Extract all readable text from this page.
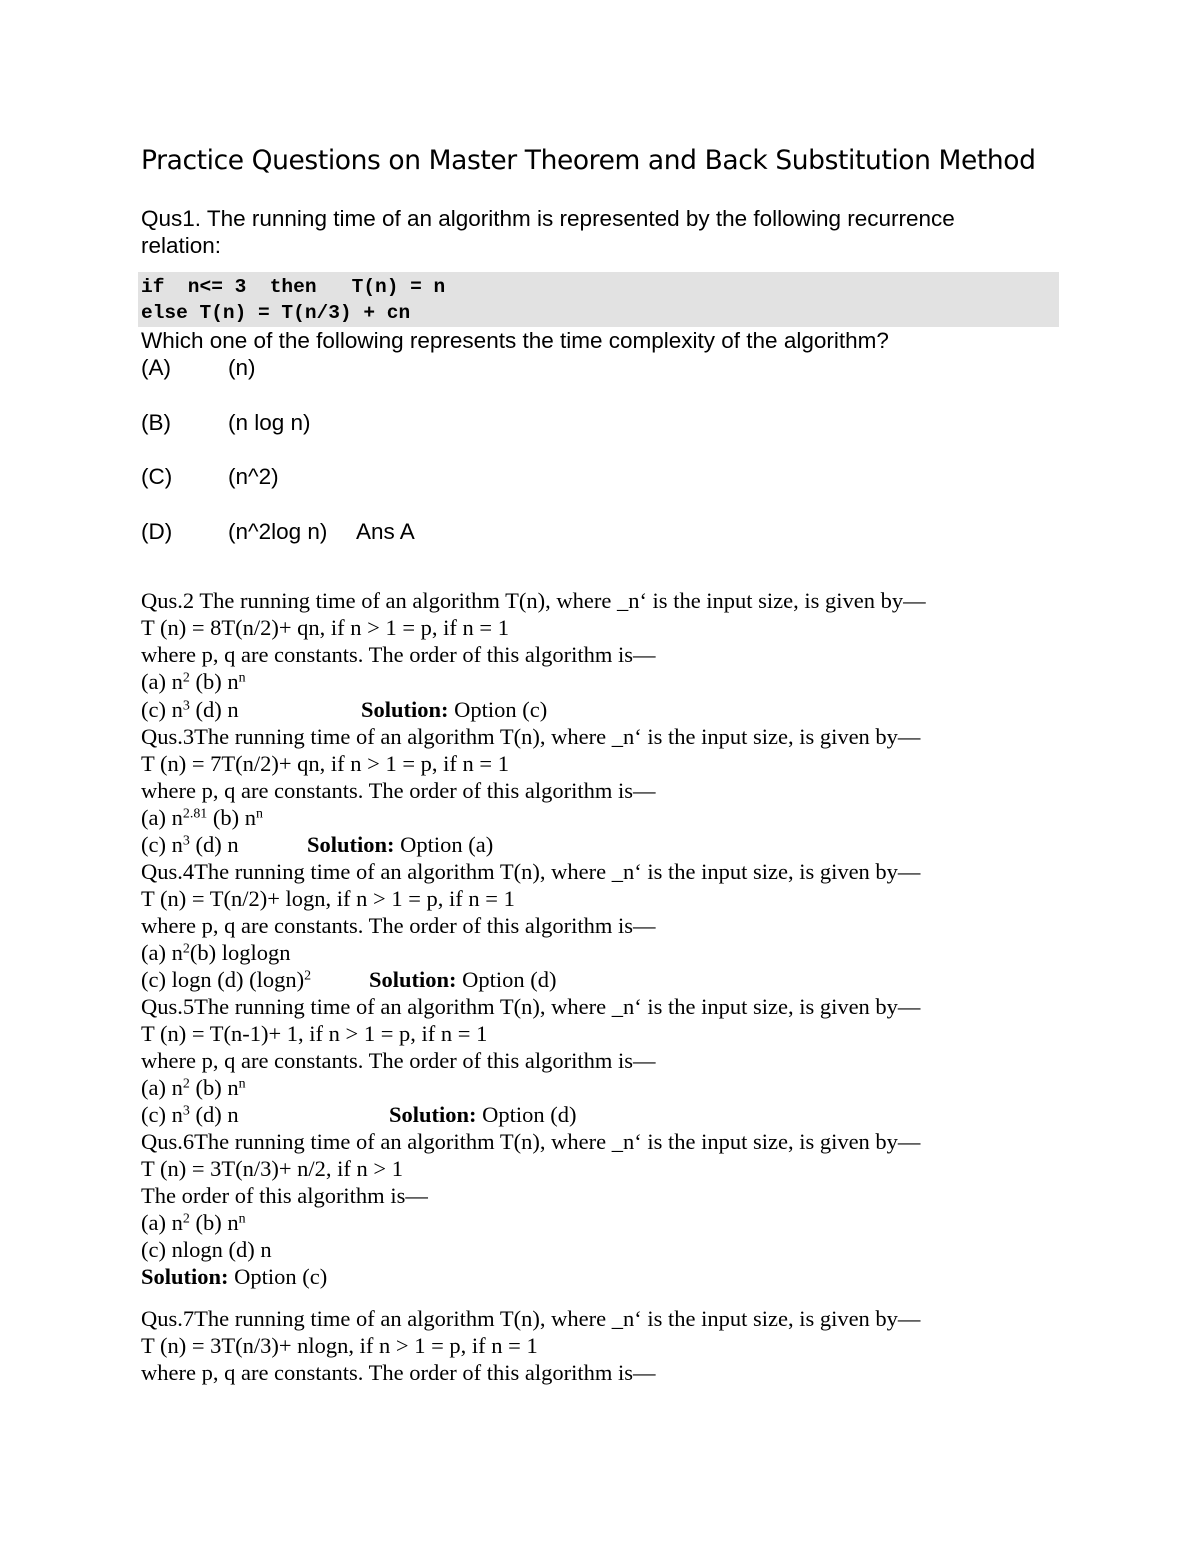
Practice Questions on Master Theorem and Back Substitution Method
Qus1. The running time of an algorithm is represented by the following recurrence
relation:
if  n<= 3  then   T(n) = n
else T(n) = T(n/3) + cn
Which one of the following represents the time complexity of the algorithm?
(A)	(n)
(B)	(n log n)
(C) (n^2)
(D) (n^2log n) Ans A
Qus.2 The running time of an algorithm T(n), where _n‘ is the input size, is given by—
T (n) = 8T(n/2)+ qn, if n > 1 = p, if n = 1
where p, q are constants. The order of this algorithm is—
(a) $n^2$ (b) $n^n$
(c) $n^3$ (d) n	Solution: Option (c)
Qus.3The running time of an algorithm T(n), where _n‘ is the input size, is given by—
T (n) = 7T(n/2)+ qn, if n > 1 = p, if n = 1
where p, q are constants. The order of this algorithm is—
(a) $n^{2.81}$ (b) $n^n$
(c) $n^3$ (d) n	Solution: Option (a)
Qus.4The running time of an algorithm T(n), where _n‘ is the input size, is given by—
T (n) = T(n/2)+ logn, if n > 1 = p, if n = 1
where p, q are constants. The order of this algorithm is—
(a) $n^2(b)$ loglogn
(c) logn (d) $(\log n)^2$	Solution: Option (d)
Qus.5The running time of an algorithm T(n), where _n‘ is the input size, is given by—
T (n) = T(n-1)+ 1, if n > 1 = p, if n = 1
where p, q are constants. The order of this algorithm is—
(a) $n^2$ (b) $n^n$
(c) $n^3$ (d) n	Solution: Option (d)
Qus.6The running time of an algorithm T(n), where _n‘ is the input size, is given by—
T (n) = 3T(n/3)+ n/2, if n > 1
The order of this algorithm is—
(a) $n^2$ (b) $n^n$
(c) nlogn (d) n
Solution: Option (c)
Qus.7The running time of an algorithm T(n), where _n‘ is the input size, is given by—
T (n) = 3T(n/3)+ nlogn, if n > 1 = p, if n = 1
where p, q are constants. The order of this algorithm is—
